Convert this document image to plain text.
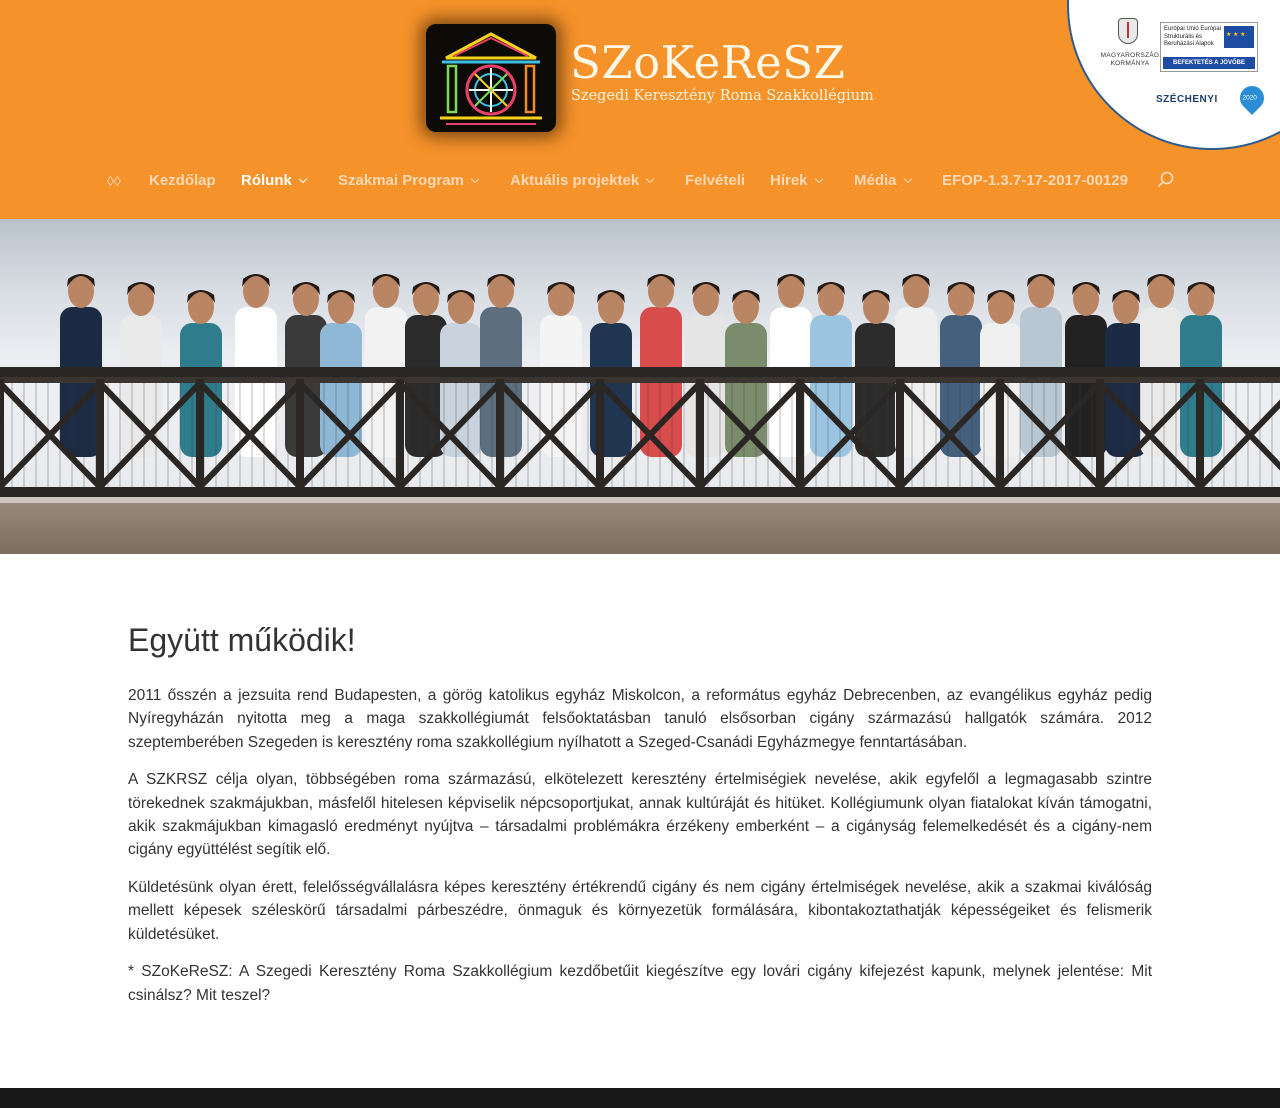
SZoKeReSZ
Szegedi Keresztény Roma Szakkollégium
MAGYARORSZÁG KORMÁNYA
Európai Unió Európai Strukturális és Beruházási Alapok
★ ★ ★
BEFEKTETÉS A JÖVŐBE
SZÉCHENYI	2020
◊◊ Kezdőlap Rólunk	Szakmai Program	Aktuális projektek	Felvételi Hírek	Média	EFOP-1.3.7-17-2017-00129
Együtt működik!

2011 ősszén a jezsuita rend Budapesten, a görög katolikus egyház Miskolcon, a református egyház Debrecenben, az evangélikus egyház pedig Nyíregyházán nyitotta meg a maga szakkollégiumát felsőoktatásban tanuló elsősorban cigány származású hallgatók számára. 2012 szeptemberében Szegeden is keresztény roma szakkollégium nyílhatott a Szeged-Csanádi Egyházmegye fenntartásában.

A SZKRSZ célja olyan, többségében roma származású, elkötelezett keresztény értelmiségiek nevelése, akik egyfelől a legmagasabb szintre törekednek szakmájukban, másfelől hitelesen képviselik népcsoportjukat, annak kultúráját és hitüket. Kollégiumunk olyan fiatalokat kíván támogatni, akik szakmájukban kimagasló eredményt nyújtva – társadalmi problémákra érzékeny emberként – a cigányság felemelkedését és a cigány-nem cigány együttélést segítik elő.

Küldetésünk olyan érett, felelősségvállalásra képes keresztény értékrendű cigány és nem cigány értelmiségek nevelése, akik a szakmai kiválóság mellett képesek széleskörű társadalmi párbeszédre, önmaguk és környezetük formálására, kibontakoztathatják képességeiket és felismerik küldetésüket.

* SZoKeReSZ: A Szegedi Keresztény Roma Szakkollégium kezdőbetűit kiegészítve egy lovári cigány kifejezést kapunk, melynek jelentése: Mit csinálsz? Mit teszel?
